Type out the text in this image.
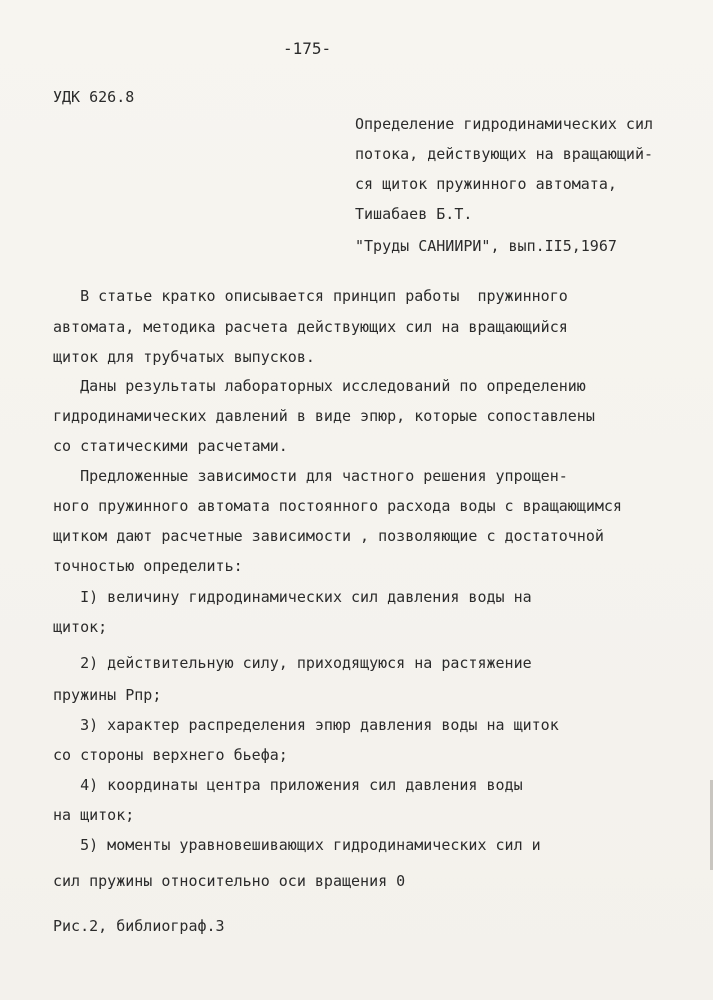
-175-
УДК 626.8
Определение гидродинамических сил
потока, действующих на вращающий-
ся щиток пружинного автомата,
Тишабаев Б.Т.
"Труды САНИИРИ", вып.II5,1967
В статье кратко описывается принцип работы  пружинного
автомата, методика расчета действующих сил на вращающийся
щиток для трубчатых выпусков.
Даны результаты лабораторных исследований по определению
гидродинамических давлений в виде эпюр, которые сопоставлены
со статическими расчетами.
Предложенные зависимости для частного решения упрощен-
ного пружинного автомата постоянного расхода воды с вращающимся
щитком дают расчетные зависимости , позволяющие с достаточной
точностью определить:
I) величину гидродинамических сил давления воды на
щиток;
2) действительную силу, приходящуюся на растяжение
пружины Рпр;
3) характер распределения эпюр давления воды на щиток
со стороны верхнего бьефа;
4) координаты центра приложения сил давления воды
на щиток;
5) моменты уравновешивающих гидродинамических сил и
сил пружины относительно оси вращения 0
Рис.2, библиограф.3
